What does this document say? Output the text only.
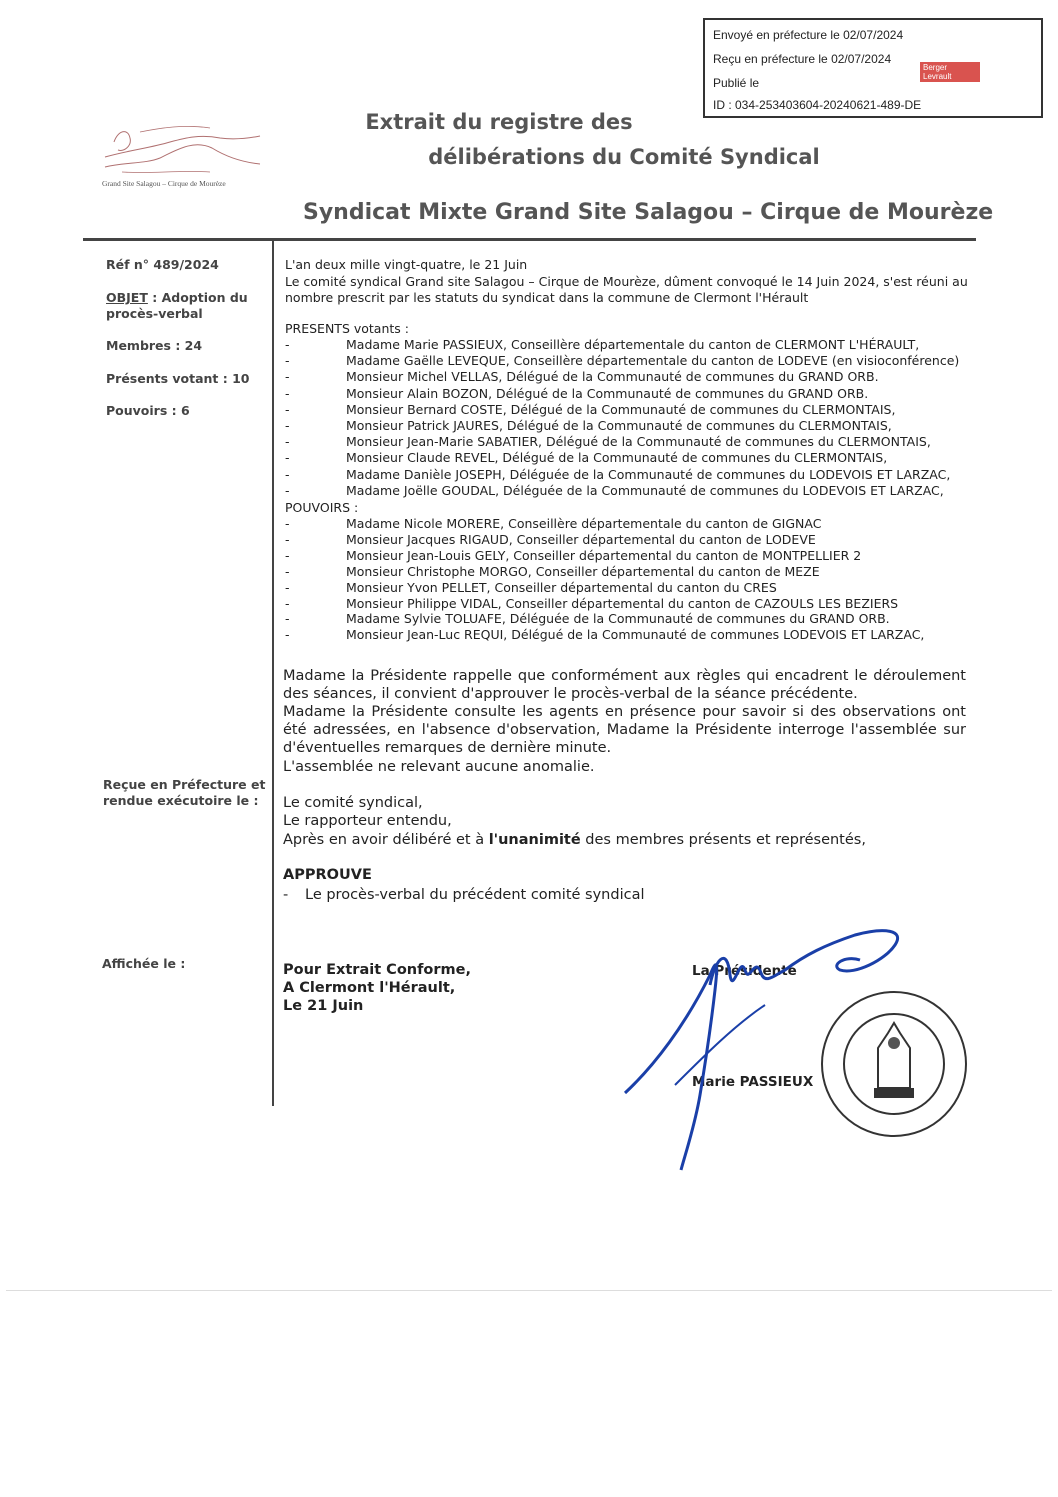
Envoyé en préfecture le 02/07/2024
Reçu en préfecture le 02/07/2024
Publié le
ID : 034-253403604-20240621-489-DE
Berger Levrault
Grand Site Salagou – Cirque de Mourèze
Extrait du registre des
délibérations du Comité Syndical
Syndicat Mixte Grand Site Salagou – Cirque de Mourèze
Réf n° 489/2024
OBJET : Adoption du
procès-verbal
Membres : 24
Présents votant : 10
Pouvoirs : 6
Reçue en Préfecture et
rendue exécutoire le :
Affichée le :
L'an deux mille vingt-quatre, le 21 Juin
Le comité syndical Grand site Salagou – Cirque de Mourèze, dûment convoqué le 14 Juin 2024, s'est réuni au
nombre prescrit par les statuts du syndicat dans la commune de Clermont l'Hérault
PRESENTS votants :
-	Madame Marie PASSIEUX, Conseillère départementale du canton de CLERMONT L'HÉRAULT,
-	Madame Gaëlle LEVEQUE, Conseillère départementale du canton de LODEVE (en visioconférence)
-	Monsieur Michel VELLAS, Délégué de la Communauté de communes du GRAND ORB.
-	Monsieur Alain BOZON, Délégué de la Communauté de communes du GRAND ORB.
-	Monsieur Bernard COSTE, Délégué de la Communauté de communes du CLERMONTAIS,
-	Monsieur Patrick JAURES, Délégué de la Communauté de communes du CLERMONTAIS,
-	Monsieur Jean-Marie SABATIER, Délégué de la Communauté de communes du CLERMONTAIS,
-	Monsieur Claude REVEL, Délégué de la Communauté de communes du CLERMONTAIS,
-	Madame Danièle JOSEPH, Déléguée de la Communauté de communes du LODEVOIS ET LARZAC,
-	Madame Joëlle GOUDAL, Déléguée de la Communauté de communes du LODEVOIS ET LARZAC,
POUVOIRS :
-	Madame Nicole MORERE, Conseillère départementale du canton de GIGNAC
-	Monsieur Jacques RIGAUD, Conseiller départemental du canton de LODEVE
-	Monsieur Jean-Louis GELY, Conseiller départemental du canton de MONTPELLIER 2
-	Monsieur Christophe MORGO, Conseiller départemental du canton de MEZE
-	Monsieur Yvon PELLET, Conseiller départemental du canton du CRES
-	Monsieur Philippe VIDAL, Conseiller départemental du canton de CAZOULS LES BEZIERS
-	Madame Sylvie TOLUAFE, Déléguée de la Communauté de communes du GRAND ORB.
-	Monsieur Jean-Luc REQUI, Délégué de la Communauté de communes LODEVOIS ET LARZAC,
Madame la Présidente rappelle que conformément aux règles qui encadrent le déroulement des séances, il convient d'approuver le procès-verbal de la séance précédente.
Madame la Présidente consulte les agents en présence pour savoir si des observations ont été adressées, en l'absence d'observation, Madame la Présidente interroge l'assemblée sur d'éventuelles remarques de dernière minute.
L'assemblée ne relevant aucune anomalie.
Le comité syndical,
Le rapporteur entendu,
Après en avoir délibéré et à l'unanimité des membres présents et représentés,
APPROUVE
- Le procès-verbal du précédent comité syndical
Pour Extrait Conforme,
A Clermont l'Hérault,
Le 21 Juin
La Présidente
Marie PASSIEUX
